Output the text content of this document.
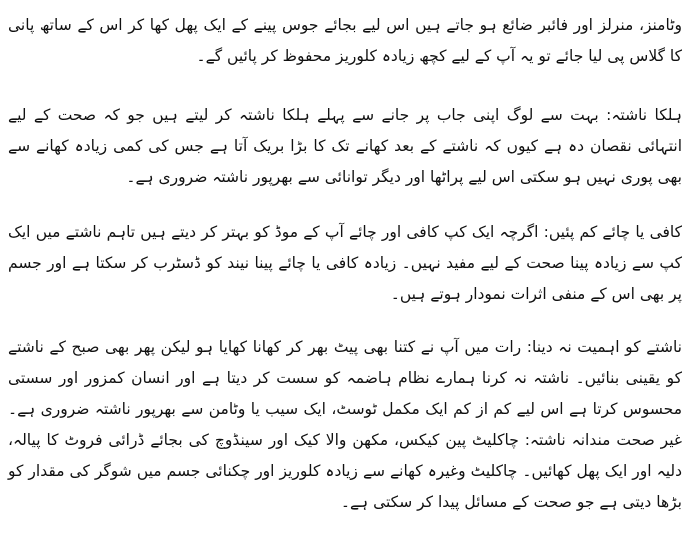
وٹامنز، منرلز اور فائبر ضائع ہو جاتے ہیں اس لیے بجائے جوس پینے کے ایک پھل کھا کر اس کے ساتھ پانی کا گلاس پی لیا جائے تو یہ آپ کے لیے کچھ زیادہ کلوریز محفوظ کر پائیں گے۔

ہلکا ناشتہ: بہت سے لوگ اپنی جاب پر جانے سے پہلے ہلکا ناشتہ کر لیتے ہیں جو کہ صحت کے لیے انتہائی نقصان دہ ہے کیوں کہ ناشتے کے بعد کھانے تک کا بڑا بریک آتا ہے جس کی کمی زیادہ کھانے سے بھی پوری نہیں ہو سکتی اس لیے پراٹھا اور دیگر توانائی سے بھرپور ناشتہ ضروری ہے۔

کافی یا چائے کم پئیں: اگرچہ ایک کپ کافی اور چائے آپ کے موڈ کو بہتر کر دیتے ہیں تاہم ناشتے میں ایک کپ سے زیادہ پینا صحت کے لیے مفید نہیں۔ زیادہ کافی یا چائے پینا نیند کو ڈسٹرب کر سکتا ہے اور جسم پر بھی اس کے منفی اثرات نمودار ہوتے ہیں۔

ناشتے کو اہمیت نہ دینا: رات میں آپ نے کتنا بھی پیٹ بھر کر کھانا کھایا ہو لیکن پھر بھی صبح کے ناشتے کو یقینی بنائیں۔ ناشتہ نہ کرنا ہمارے نظام ہاضمہ کو سست کر دیتا ہے اور انسان کمزور اور سستی محسوس کرتا ہے اس لیے کم از کم ایک مکمل ٹوسٹ، ایک سیب یا وٹامن سے بھرپور ناشتہ ضروری ہے۔ غیر صحت مندانہ ناشتہ: چاکلیٹ پین کیکس، مکھن والا کیک اور سینڈوچ کی بجائے ڈرائی فروٹ کا پیالہ، دلیہ اور ایک پھل کھائیں۔ چاکلیٹ وغیرہ کھانے سے زیادہ کلوریز اور چکنائی جسم میں شوگر کی مقدار کو بڑھا دیتی ہے جو صحت کے مسائل پیدا کر سکتی ہے۔
